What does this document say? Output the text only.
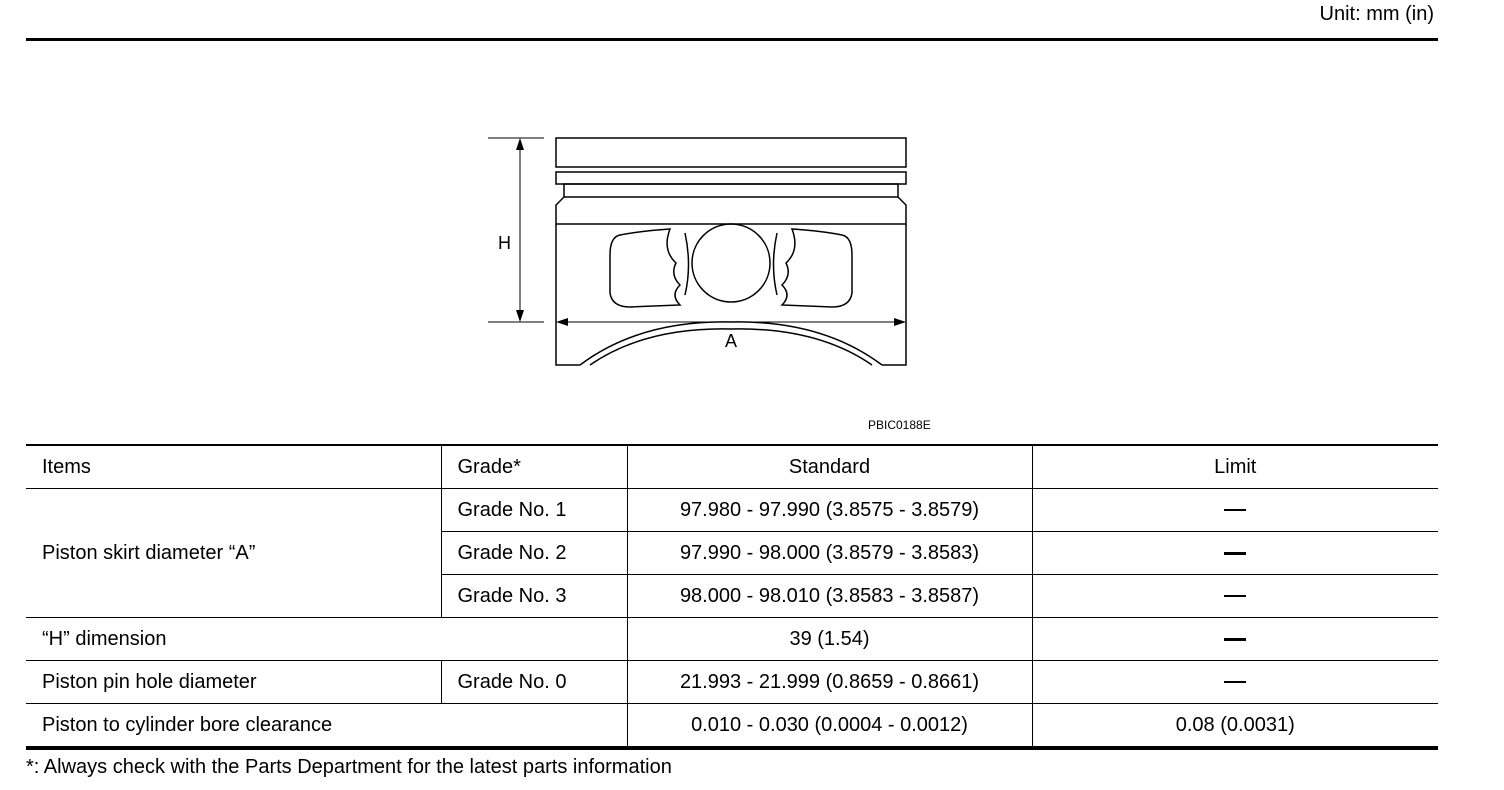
Unit: mm (in)
H
A
PBIC0188E
Items	Grade*	Standard	Limit
Piston skirt diameter “A”	Grade No. 1	97.980 - 97.990 (3.8575 - 3.8579)	
	Grade No. 2	97.990 - 98.000 (3.8579 - 3.8583)	
	Grade No. 3	98.000 - 98.010 (3.8583 - 3.8587)	
“H” dimension		39 (1.54)	
Piston pin hole diameter	Grade No. 0	21.993 - 21.999 (0.8659 - 0.8661)	
Piston to cylinder bore clearance		0.010 - 0.030 (0.0004 - 0.0012)	0.08 (0.0031)
*: Always check with the Parts Department for the latest parts information
